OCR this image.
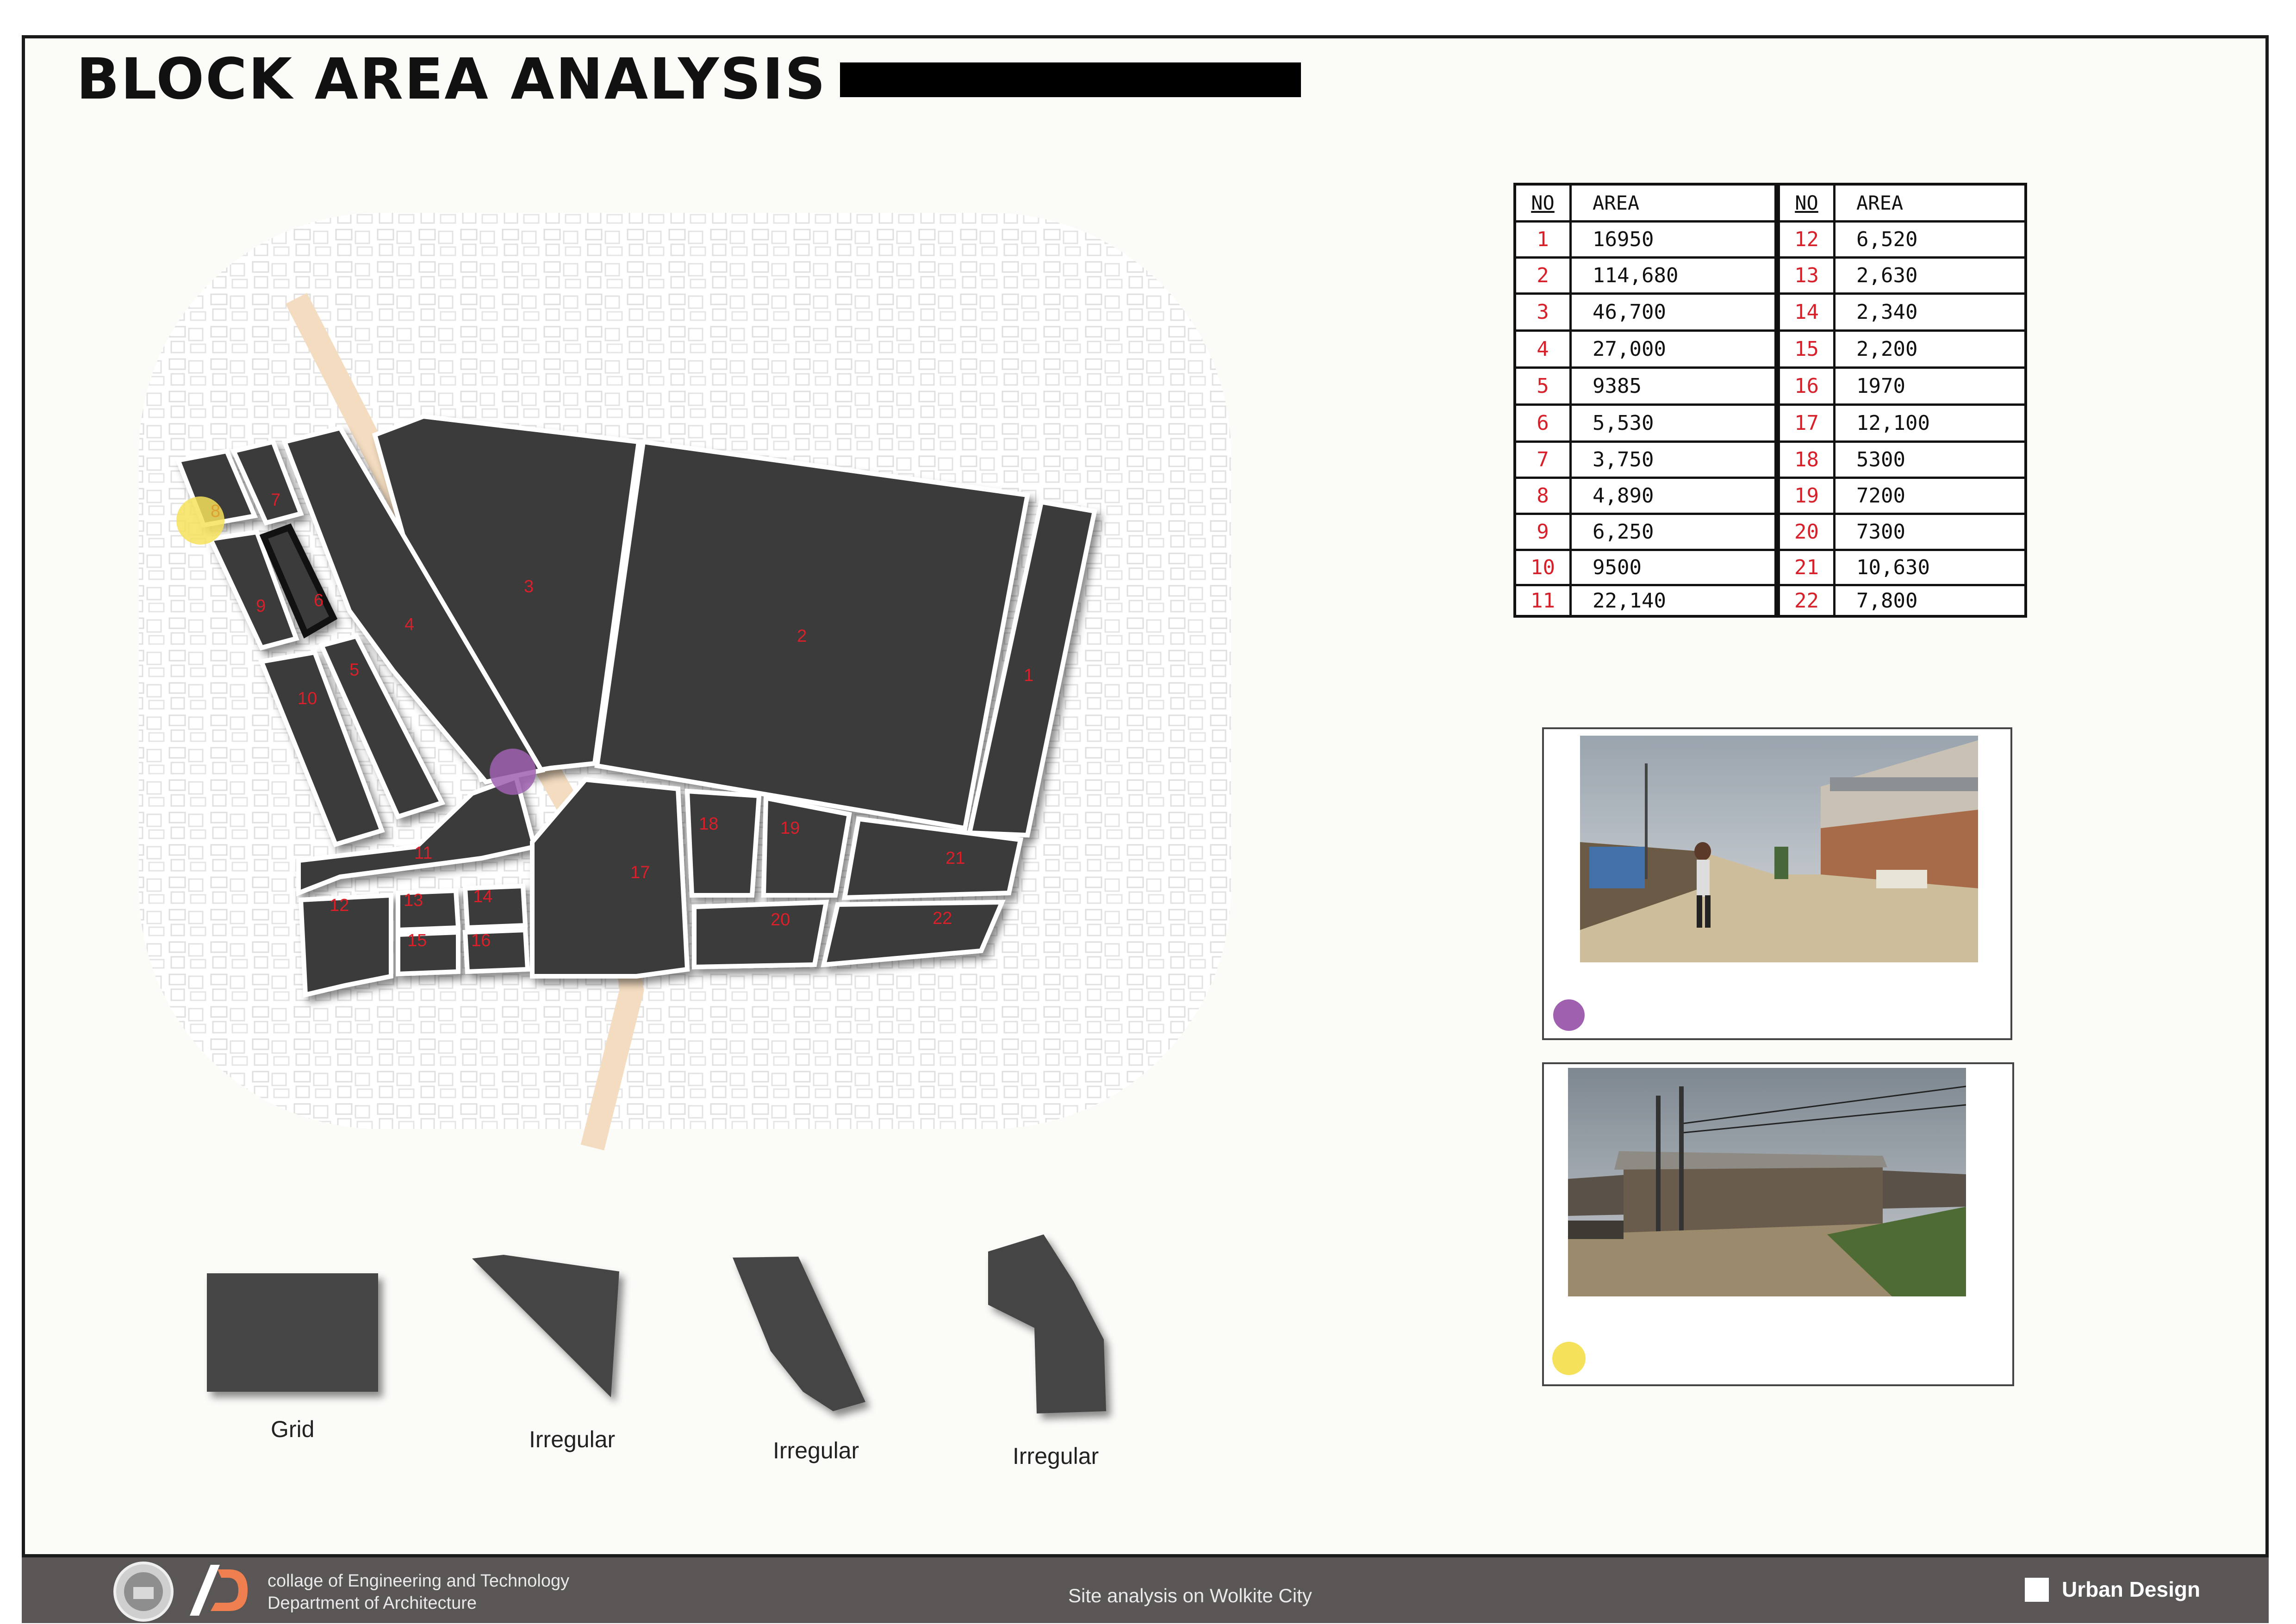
BLOCK AREA ANALYSIS
1
2
3
4
5
6
7
8
9
10
11
12	13	14
15	16
17
18	19
20
21
22
Grid	Irregular	Irregular	Irregular
NO	AREA
1	16950
2	114,680
3	46,700
4	27,000
5	9385
6	5,530
7	3,750
8	4,890
9	6,250
10	9500
11	22,140
NO	AREA
12	6,520
13	2,630
14	2,340
15	2,200
16	1970
17	12,100
18	5300
19	7200
20	7300
21	10,630
22	7,800
collage of Engineering and Technology
Department of Architecture	Site analysis on Wolkite City	Urban Design
